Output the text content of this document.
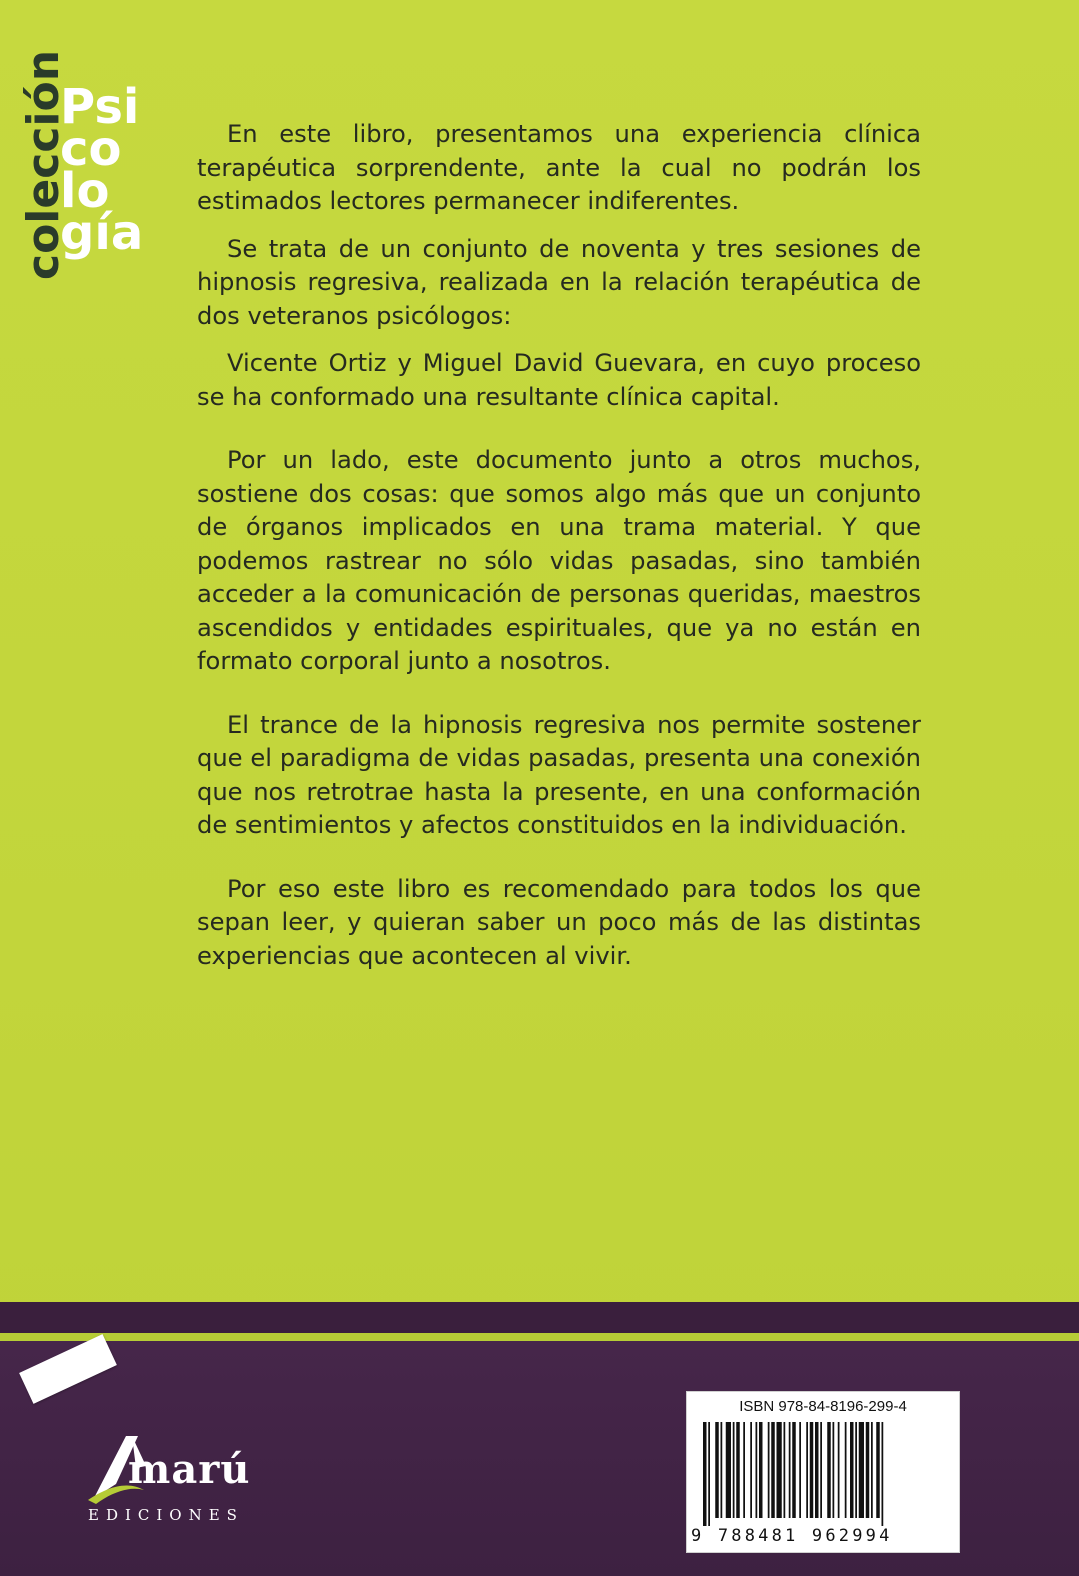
colección
Psi
co
lo
gía

En este libro, presentamos una experiencia clínica terapéutica sorprendente, ante la cual no podrán los estimados lectores permanecer indiferentes.

Se trata de un conjunto de noventa y tres sesiones de hipnosis regresiva, realizada en la relación terapéutica de dos veteranos psicólogos:

Vicente Ortiz y Miguel David Guevara, en cuyo proceso se ha conformado una resultante clínica capital.

Por un lado, este documento junto a otros muchos, sostiene dos cosas: que somos algo más que un conjunto de órganos implicados en una trama material. Y que podemos rastrear no sólo vidas pasadas, sino también acceder a la comunicación de personas queridas, maestros ascendidos y entidades espirituales, que ya no están en formato corporal junto a nosotros.

El trance de la hipnosis regresiva nos permite sostener que el paradigma de vidas pasadas, presenta una conexión que nos retrotrae hasta la presente, en una conformación de sentimientos y afectos constituidos en la individuación.

Por eso este libro es recomendado para todos los que sepan leer, y quieran saber un poco más de las distintas experiencias que acontecen al vivir.

marú
EDICIONES
ISBN 978-84-8196-299-4
9 788481 962994
